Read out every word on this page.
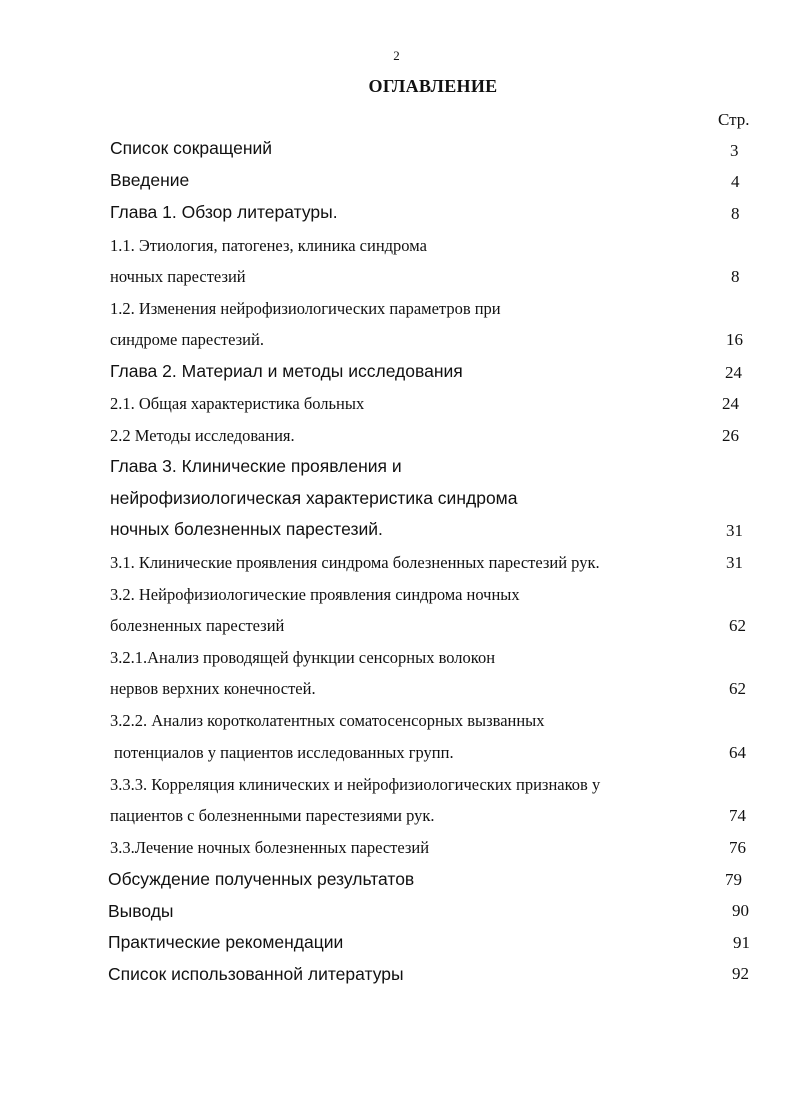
2
ОГЛАВЛЕНИЕ
Стр.
Список сокращений	3
Введение	4
Глава 1. Обзор литературы.	8
1.1. Этиология, патогенез, клиника синдрома
ночных парестезий	8
1.2. Изменения нейрофизиологических параметров при
синдроме парестезий.	16
Глава 2. Материал и методы исследования	24
2.1. Общая характеристика больных	24
2.2 Методы исследования.	26
Глава 3. Клинические проявления и
нейрофизиологическая характеристика синдрома
ночных болезненных парестезий.	31
3.1. Клинические проявления синдрома болезненных парестезий рук.	31
3.2. Нейрофизиологические проявления синдрома ночных
болезненных парестезий	62
3.2.1.Анализ проводящей функции сенсорных волокон
нервов верхних конечностей.	62
3.2.2. Анализ коротколатентных соматосенсорных вызванных
потенциалов у пациентов исследованных групп.	64
3.3.3. Корреляция клинических и нейрофизиологических признаков у
пациентов с болезненными парестезиями рук.	74
3.3.Лечение ночных болезненных парестезий	76
Обсуждение полученных результатов	79
Выводы	90
Практические рекомендации	91
Список использованной литературы	92
